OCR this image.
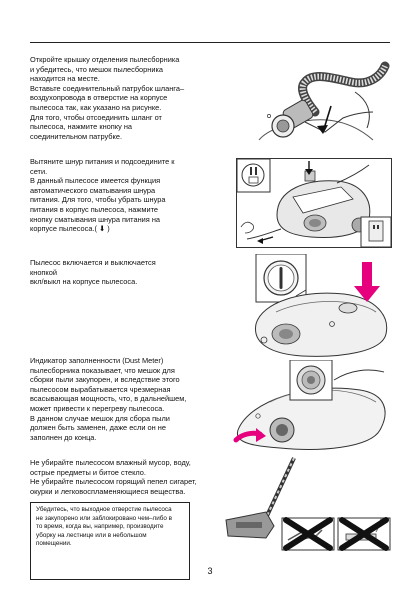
Откройте крышку отделения пылесборника

и убедитесь, что мешок пылесборника

находится на месте.

Вставьте соединительный патрубок шланга–

воздухопровода в отверстие на корпусе

пылесоса так, как указано на рисунке.

Для того, чтобы отсоединить шланг от

пылесоса, нажмите кнопку на

соединительном патрубке.

Вытяните шнур питания и подсоедините к

сети.

В данный пылесосе имеется функция

автоматического сматывания шнура

питания. Для того, чтобы убрать шнура

питания в корпус пылесоса, нажмите

кнопку сматывания шнура питания на

корпусе пылесоса.( ⬇ )

Пылесос включается и выключается

кнопкой

вкл/выкл на корпусе пылесоса.

Индикатор заполненности (Dust Meter)

пылесборника показывает, что мешок для

сборки пыли закупорен, и вследствие этого

пылесосом вырабатывается чрезмерная

всасывающая мощность, что, в дальнейшем,

может привести к перегреву пылесоса.

В данном случае мешок для сбора пыли

должен быть заменен, даже если он не

заполнен до конца.

Не убирайте пылесосом влажный мусор, воду,

острые предметы и битое стекло.

Не убирайте пылесосом горящий пепел сигарет,

окурки и легковоспламеняющиеся вещества.

Убедитесь, что выходное отверстие пылесоса
не закупорено или заблокировано чем–либо в
то время, когда вы, например, производите
уборку на лестнице или в небольшом
помещении.
3
